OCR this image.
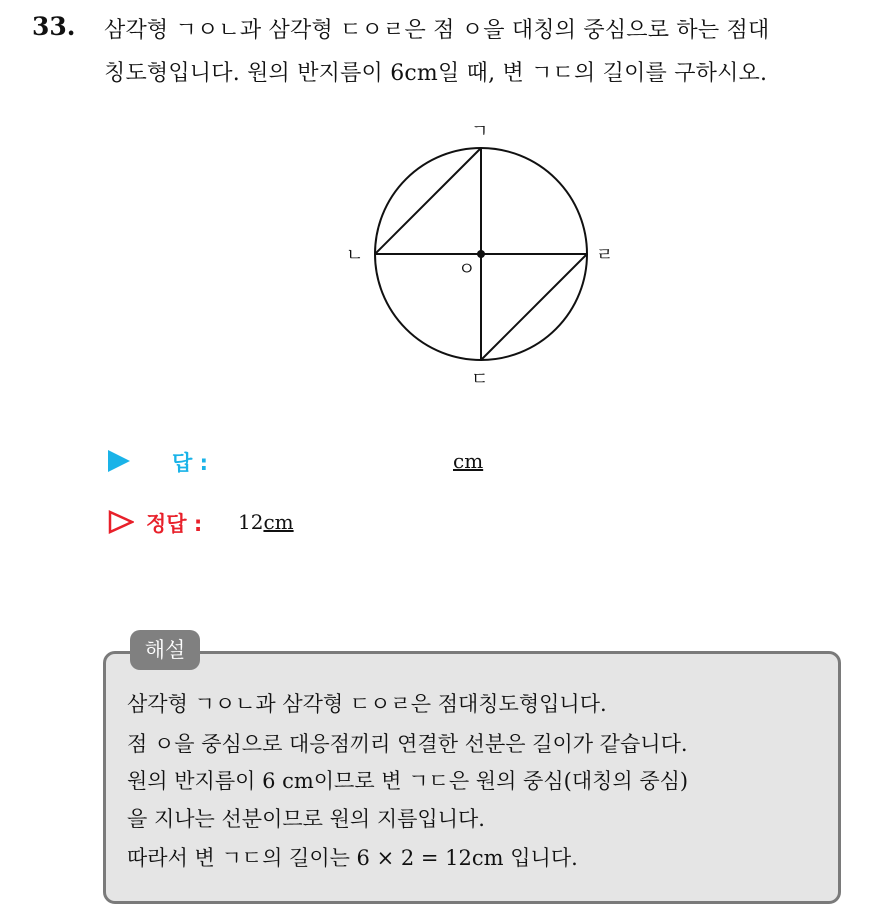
33. 삼각형 ㄱㅇㄴ과 삼각형 ㄷㅇㄹ은 점 ㅇ을 대칭의 중심으로 하는 점대
칭도형입니다. 원의 반지름이 6cm일 때, 변 ㄱㄷ의 길이를 구하시오.
ㄱ
ㄴ
ㄷ
ㄹ
ㅇ
답 :	cm
정답 : 12cm
해설
삼각형 ㄱㅇㄴ과 삼각형 ㄷㅇㄹ은 점대칭도형입니다.
점 ㅇ을 중심으로 대응점끼리 연결한 선분은 길이가 같습니다.
원의 반지름이 6 cm이므로 변 ㄱㄷ은 원의 중심(대칭의 중심)
을 지나는 선분이므로 원의 지름입니다.
따라서 변 ㄱㄷ의 길이는 6 × 2 = 12cm 입니다.
